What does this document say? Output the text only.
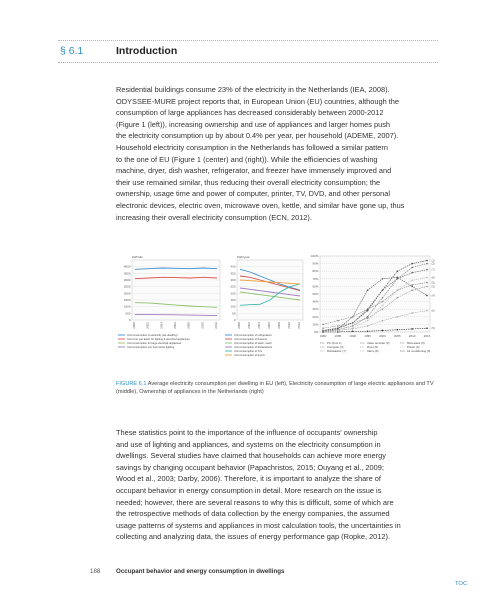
§ 6.1	Introduction
Residential buildings consume 23% of the electricity in the Netherlands (IEA, 2008).
ODYSSEE-MURE project reports that, in European Union (EU) countries, although the
consumption of large appliances has decreased considerably between 2000-2012
(Figure 1 (left)), increasing ownership and use of appliances and larger homes push
the electricity consumption up by about 0.4% per year, per household (ADEME, 2007).
Household electricity consumption in the Netherlands has followed a similar pattern
to the one of EU (Figure 1 (center) and (right)). While the efficiencies of washing
machine, dryer, dish washer, refrigerator, and freezer have immensely improved and
their use remained similar, thus reducing their overall electricity consumption; the
ownership, usage time and power of computer, printer, TV, DVD, and other personal
electronic devices, electric oven, microwave oven, kettle, and similar have gone up, thus
increasing their overall electricity consumption (ECN, 2012).
0
500
1000
1500
2000
2500
3000
3500
4000
kWh/dw
2000	2002	2004	2006	2008	2010	2012
Unit consumption of electricity (ele dwelling)
Unit cons. per dwell. for lighting & electrical appliances
Unit consumption for large electrical appliances
Unit consumption non thermal for lighting
0
50
100
150
200
250
300
350
400
kWh/year
2000 2002 2004 2006 2008 2010 2012
Unit consumption of refrigerators
Unit consumption of freezers
Unit consumption of wash. mach.
Unit consumption of dishwashers
Unit consumption of TVs
Unit consumption of dryers
0%
10%
20%
30%
40%
50%
60%
70%
80%
90%
100%
1980	1985	1990	1995	2000	2005	2010	2015
(1)
(2)
(3)
(4)
(5)
(6)
(7)
(8)
(9)
PC (from 1)
Computer (4)
Dishwasher (7)
Video recorder (2)
Dryer (5)
Alarm (8)
Microwave (3)
Printer (6)
Air conditioning (9)
FIGURE 6.1 Average electricity consumption per dwelling in EU (left), Electricity consumption of large electric appliances and TV (middle), Ownership of appliances in the Netherlands (right)
These statistics point to the importance of the influence of occupants' ownership
and use of lighting and appliances, and systems on the electricity consumption in
dwellings. Several studies have claimed that households can achieve more energy
savings by changing occupant behavior (Papachristos, 2015; Ouyang et al., 2009;
Wood et al., 2003; Darby, 2006). Therefore, it is important to analyze the share of
occupant behavior in energy consumption in detail. More research on the issue is
needed; however, there are several reasons to why this is difficult, some of which are
the retrospective methods of data collection by the energy companies, the assumed
usage patterns of systems and appliances in most calculation tools, the uncertainties in
collecting and analyzing data, the issues of energy performance gap (Ropke, 2012).
188	Occupant behavior and energy consumption in dwellings
TOC
